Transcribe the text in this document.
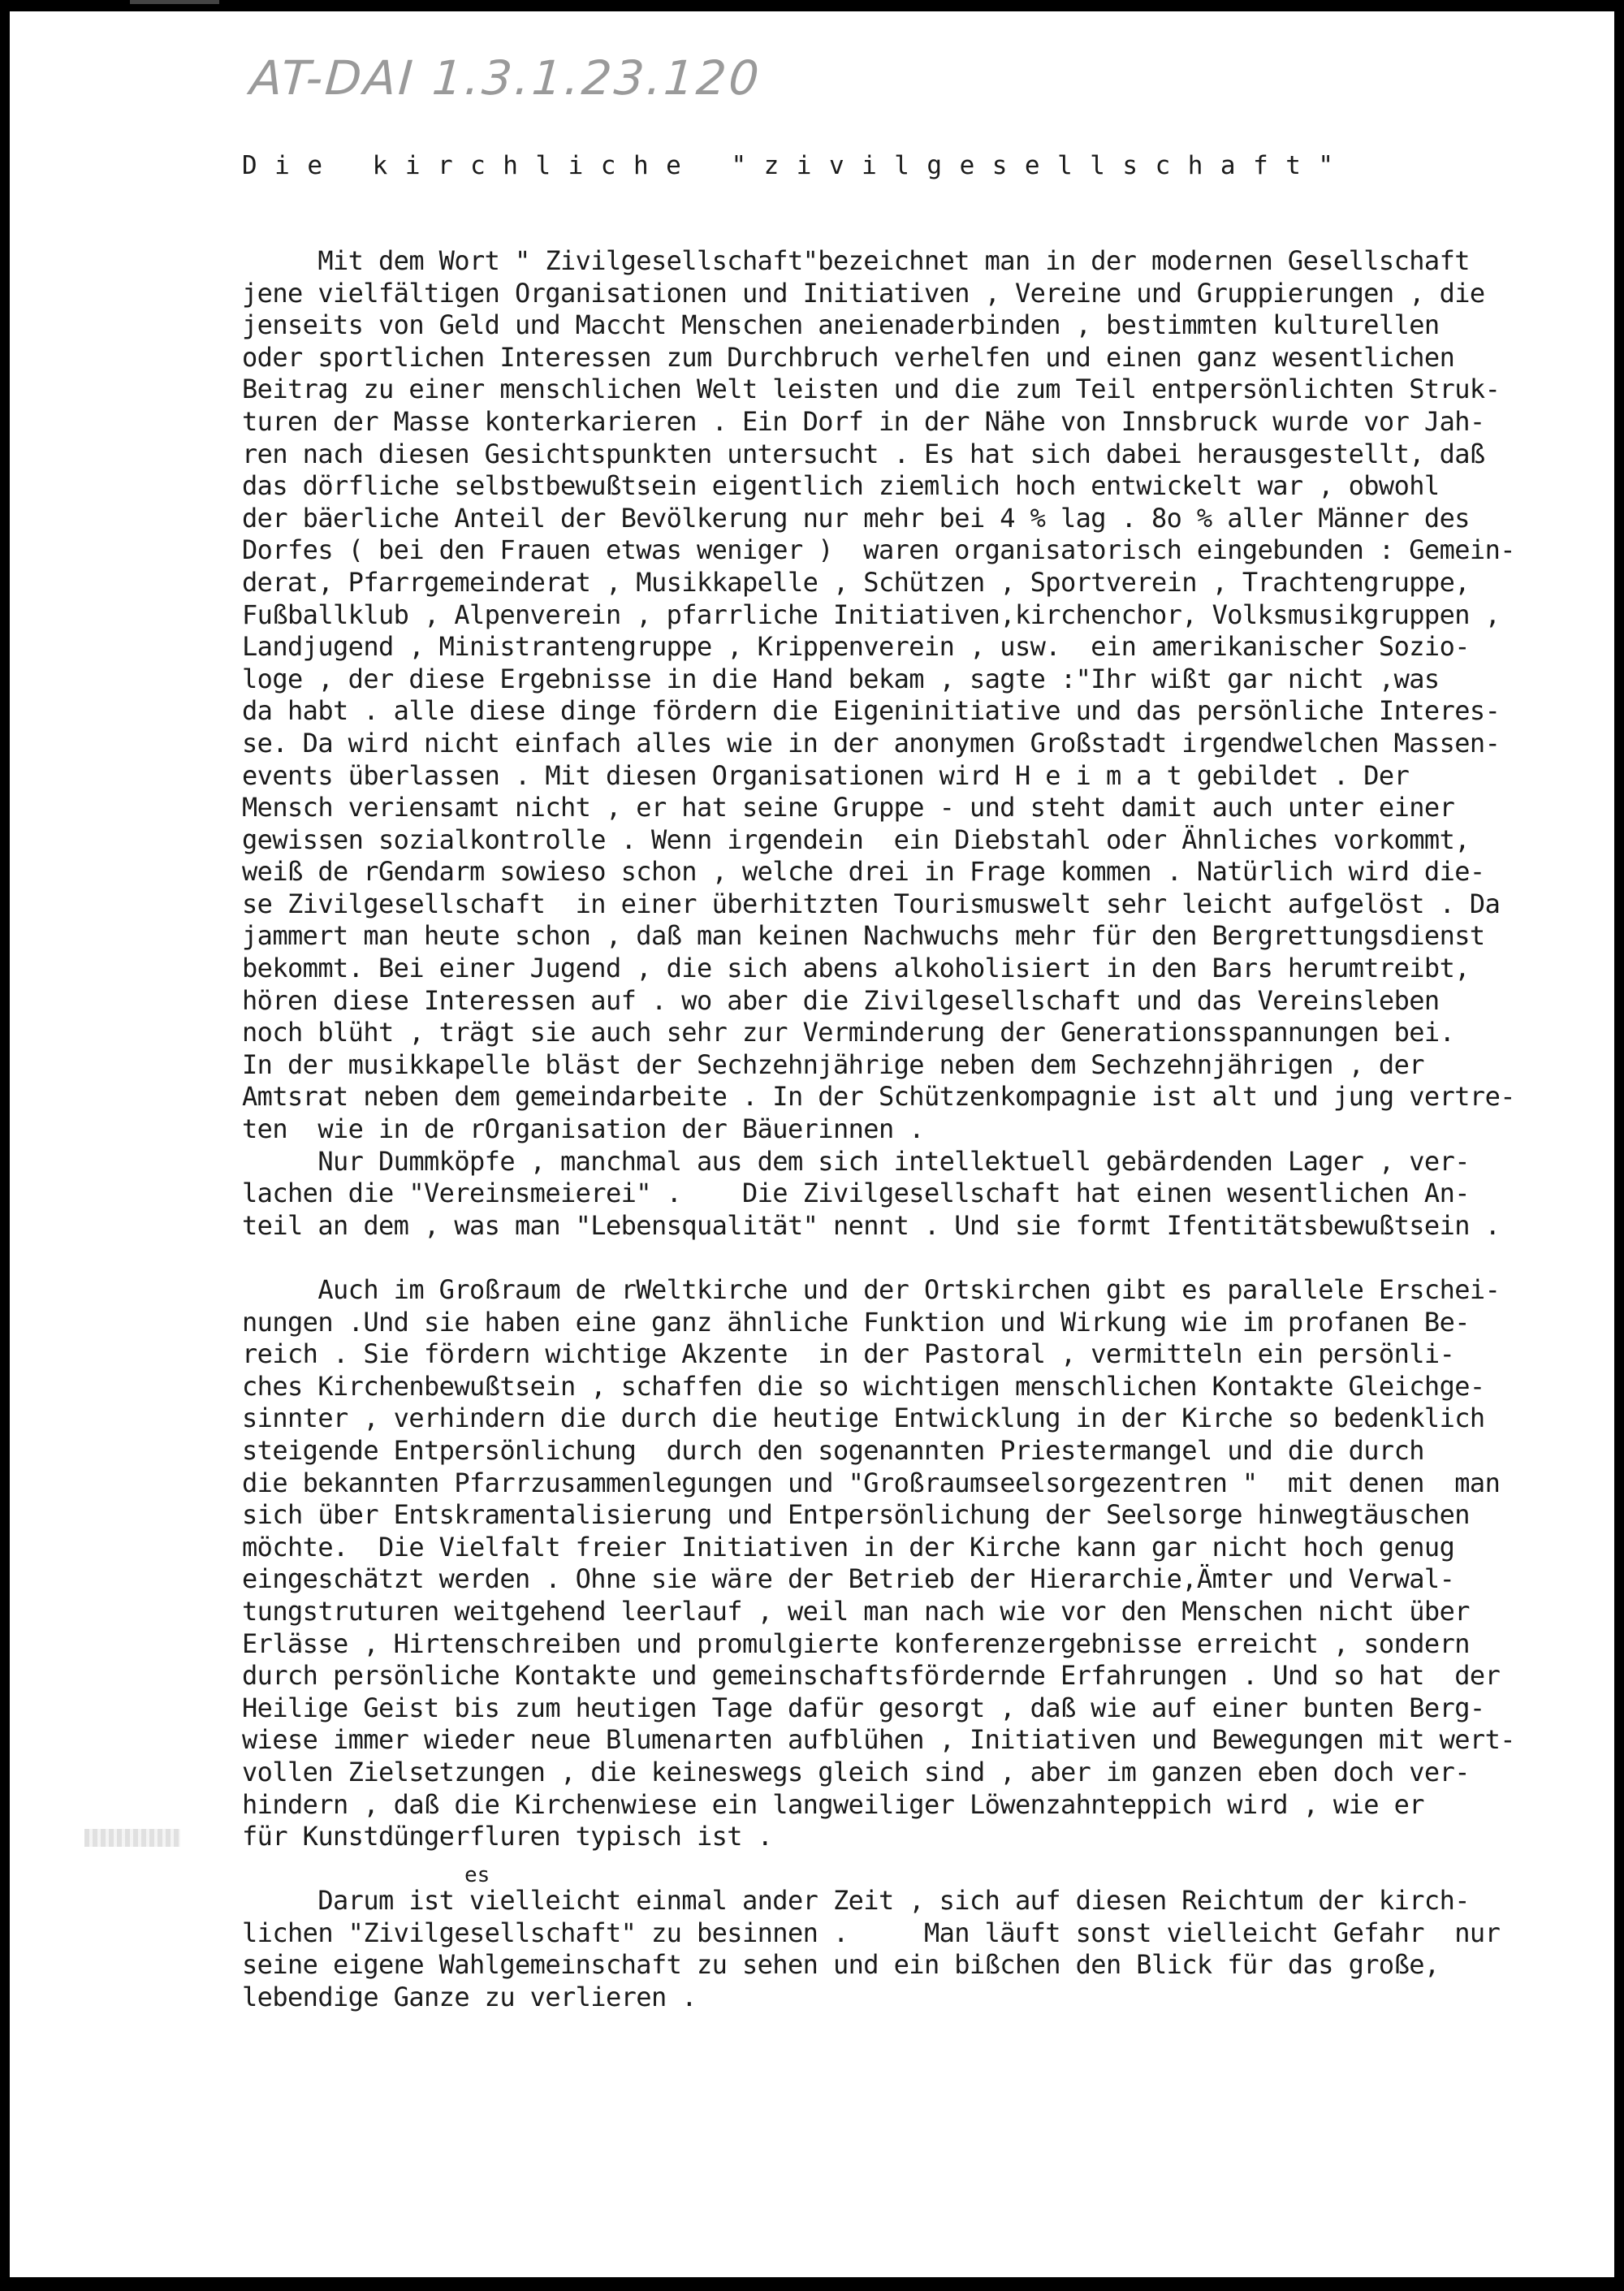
AT-DAI 1.3.1.23.120
Die kirchliche "zivilgesellschaft"
es
Mit dem Wort " Zivilgesellschaft"bezeichnet man in der modernen Gesellschaft
jene vielfältigen Organisationen und Initiativen , Vereine und Gruppierungen , die
jenseits von Geld und Maccht Menschen aneienaderbinden , bestimmten kulturellen
oder sportlichen Interessen zum Durchbruch verhelfen und einen ganz wesentlichen
Beitrag zu einer menschlichen Welt leisten und die zum Teil entpersönlichten Struk-
turen der Masse konterkarieren . Ein Dorf in der Nähe von Innsbruck wurde vor Jah-
ren nach diesen Gesichtspunkten untersucht . Es hat sich dabei herausgestellt, daß
das dörfliche selbstbewußtsein eigentlich ziemlich hoch entwickelt war , obwohl
der bäerliche Anteil der Bevölkerung nur mehr bei 4 % lag . 8o % aller Männer des
Dorfes ( bei den Frauen etwas weniger )  waren organisatorisch eingebunden : Gemein-
derat, Pfarrgemeinderat , Musikkapelle , Schützen , Sportverein , Trachtengruppe,
Fußballklub , Alpenverein , pfarrliche Initiativen,kirchenchor, Volksmusikgruppen ,
Landjugend , Ministrantengruppe , Krippenverein , usw.  ein amerikanischer Sozio-
loge , der diese Ergebnisse in die Hand bekam , sagte :"Ihr wißt gar nicht ,was
da habt . alle diese dinge fördern die Eigeninitiative und das persönliche Interes-
se. Da wird nicht einfach alles wie in der anonymen Großstadt irgendwelchen Massen-
events überlassen . Mit diesen Organisationen wird H e i m a t gebildet . Der
Mensch veriensamt nicht , er hat seine Gruppe - und steht damit auch unter einer
gewissen sozialkontrolle . Wenn irgendein  ein Diebstahl oder Ähnliches vorkommt,
weiß de rGendarm sowieso schon , welche drei in Frage kommen . Natürlich wird die-
se Zivilgesellschaft  in einer überhitzten Tourismuswelt sehr leicht aufgelöst . Da
jammert man heute schon , daß man keinen Nachwuchs mehr für den Bergrettungsdienst
bekommt. Bei einer Jugend , die sich abens alkoholisiert in den Bars herumtreibt,
hören diese Interessen auf . wo aber die Zivilgesellschaft und das Vereinsleben
noch blüht , trägt sie auch sehr zur Verminderung der Generationsspannungen bei.
In der musikkapelle bläst der Sechzehnjährige neben dem Sechzehnjährigen , der
Amtsrat neben dem gemeindarbeite . In der Schützenkompagnie ist alt und jung vertre-
ten  wie in de rOrganisation der Bäuerinnen .
Nur Dummköpfe , manchmal aus dem sich intellektuell gebärdenden Lager , ver-
lachen die "Vereinsmeierei" .    Die Zivilgesellschaft hat einen wesentlichen An-
teil an dem , was man "Lebensqualität" nennt . Und sie formt Ifentitätsbewußtsein .
Auch im Großraum de rWeltkirche und der Ortskirchen gibt es parallele Erschei-
nungen .Und sie haben eine ganz ähnliche Funktion und Wirkung wie im profanen Be-
reich . Sie fördern wichtige Akzente  in der Pastoral , vermitteln ein persönli-
ches Kirchenbewußtsein , schaffen die so wichtigen menschlichen Kontakte Gleichge-
sinnter , verhindern die durch die heutige Entwicklung in der Kirche so bedenklich
steigende Entpersönlichung  durch den sogenannten Priestermangel und die durch
die bekannten Pfarrzusammenlegungen und "Großraumseelsorgezentren "  mit denen  man
sich über Entskramentalisierung und Entpersönlichung der Seelsorge hinwegtäuschen
möchte.  Die Vielfalt freier Initiativen in der Kirche kann gar nicht hoch genug
eingeschätzt werden . Ohne sie wäre der Betrieb der Hierarchie,Ämter und Verwal-
tungstruturen weitgehend leerlauf , weil man nach wie vor den Menschen nicht über
Erlässe , Hirtenschreiben und promulgierte konferenzergebnisse erreicht , sondern
durch persönliche Kontakte und gemeinschaftsfördernde Erfahrungen . Und so hat  der
Heilige Geist bis zum heutigen Tage dafür gesorgt , daß wie auf einer bunten Berg-
wiese immer wieder neue Blumenarten aufblühen , Initiativen und Bewegungen mit wert-
vollen Zielsetzungen , die keineswegs gleich sind , aber im ganzen eben doch ver-
hindern , daß die Kirchenwiese ein langweiliger Löwenzahnteppich wird , wie er
für Kunstdüngerfluren typisch ist .
Darum ist vielleicht einmal ander Zeit , sich auf diesen Reichtum der kirch-
lichen "Zivilgesellschaft" zu besinnen .     Man läuft sonst vielleicht Gefahr  nur
seine eigene Wahlgemeinschaft zu sehen und ein bißchen den Blick für das große,
lebendige Ganze zu verlieren .
